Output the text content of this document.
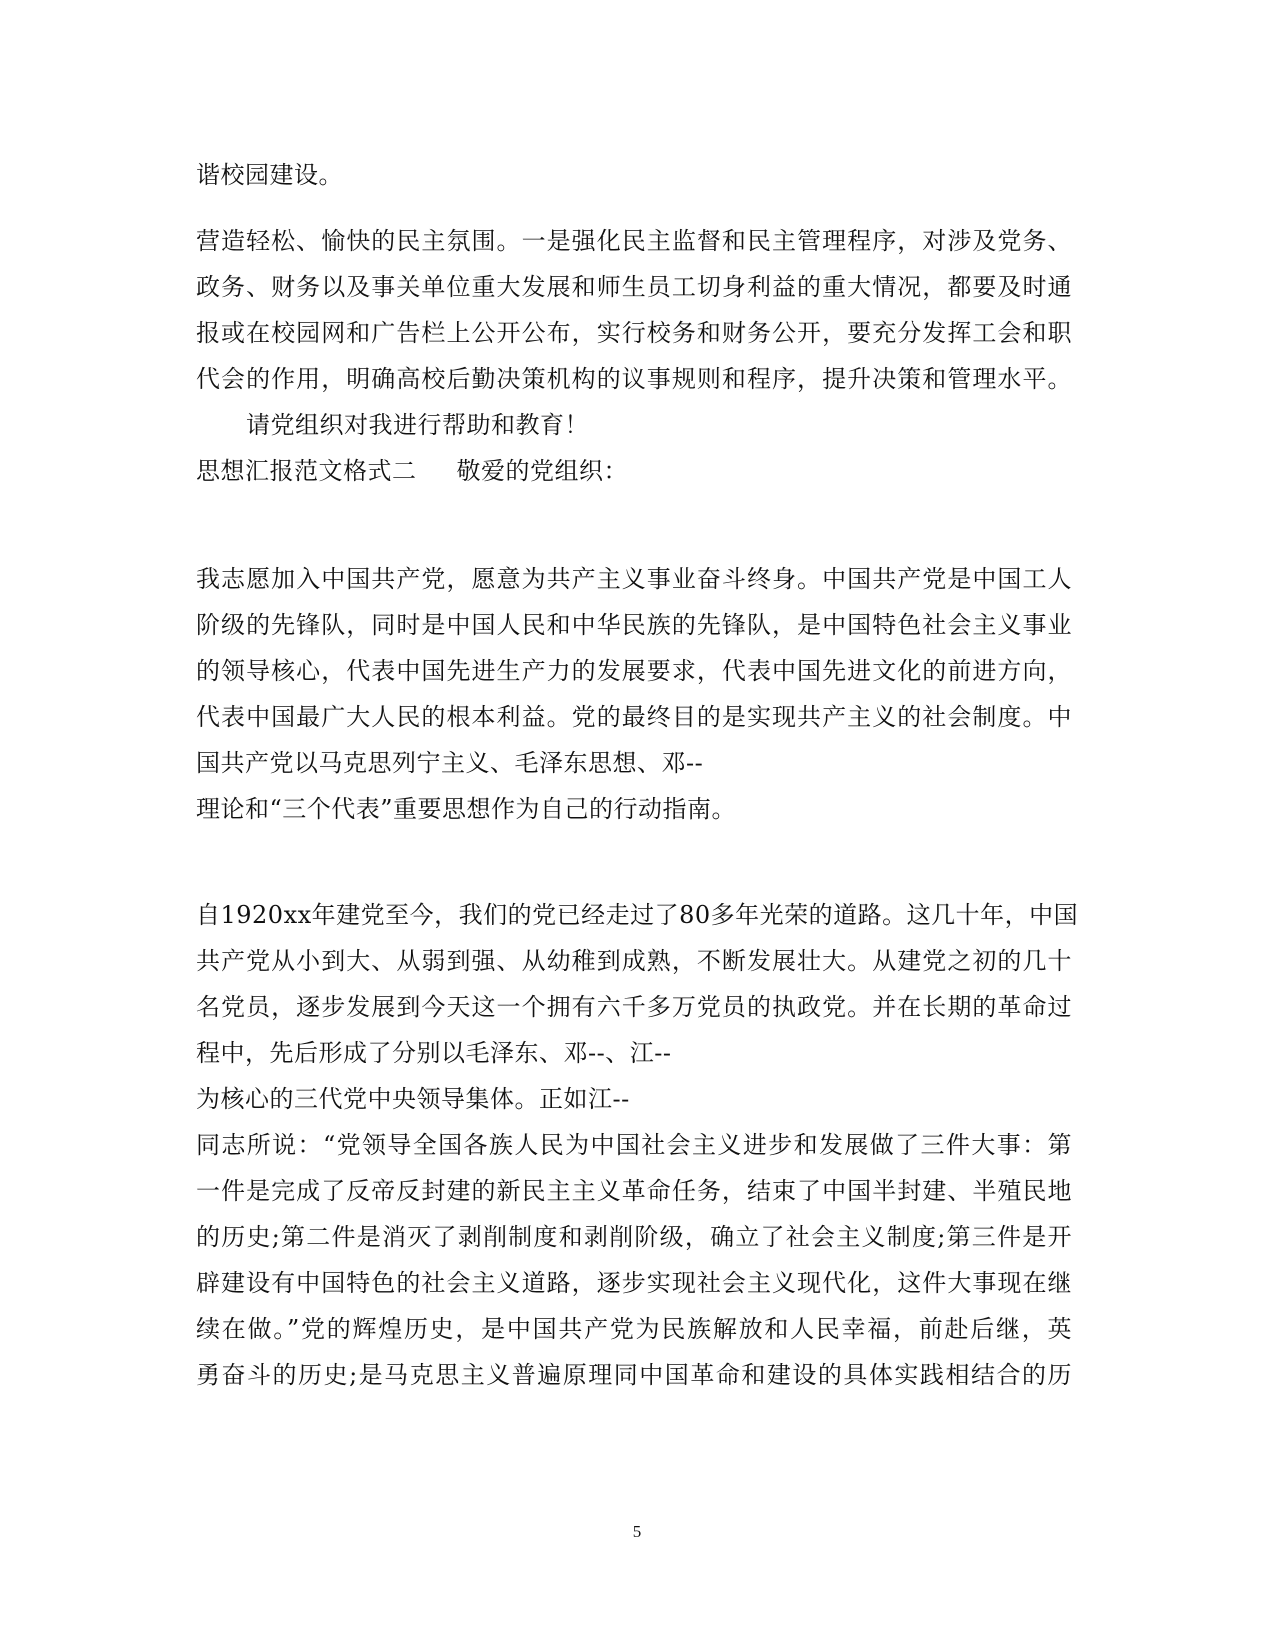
谐校园建设。
营造轻松、愉快的民主氛围。一是强化民主监督和民主管理程序，对涉及党务、
政务、财务以及事关单位重大发展和师生员工切身利益的重大情况，都要及时通
报或在校园网和广告栏上公开公布，实行校务和财务公开，要充分发挥工会和职
代会的作用，明确高校后勤决策机构的议事规则和程序，提升决策和管理水平。
请党组织对我进行帮助和教育！
思想汇报范文格式二 敬爱的党组织：
我志愿加入中国共产党，愿意为共产主义事业奋斗终身。中国共产党是中国工人
阶级的先锋队，同时是中国人民和中华民族的先锋队，是中国特色社会主义事业
的领导核心，代表中国先进生产力的发展要求，代表中国先进文化的前进方向，
代表中国最广大人民的根本利益。党的最终目的是实现共产主义的社会制度。中
国共产党以马克思列宁主义、毛泽东思想、邓--
理论和“三个代表”重要思想作为自己的行动指南。
自1920xx年建党至今，我们的党已经走过了80多年光荣的道路。这几十年，中国
共产党从小到大、从弱到强、从幼稚到成熟，不断发展壮大。从建党之初的几十
名党员，逐步发展到今天这一个拥有六千多万党员的执政党。并在长期的革命过
程中，先后形成了分别以毛泽东、邓--、江--
为核心的三代党中央领导集体。正如江--
同志所说：“党领导全国各族人民为中国社会主义进步和发展做了三件大事：第
一件是完成了反帝反封建的新民主主义革命任务，结束了中国半封建、半殖民地
的历史;第二件是消灭了剥削制度和剥削阶级，确立了社会主义制度;第三件是开
辟建设有中国特色的社会主义道路，逐步实现社会主义现代化，这件大事现在继
续在做。”党的辉煌历史，是中国共产党为民族解放和人民幸福，前赴后继，英
勇奋斗的历史;是马克思主义普遍原理同中国革命和建设的具体实践相结合的历
5
